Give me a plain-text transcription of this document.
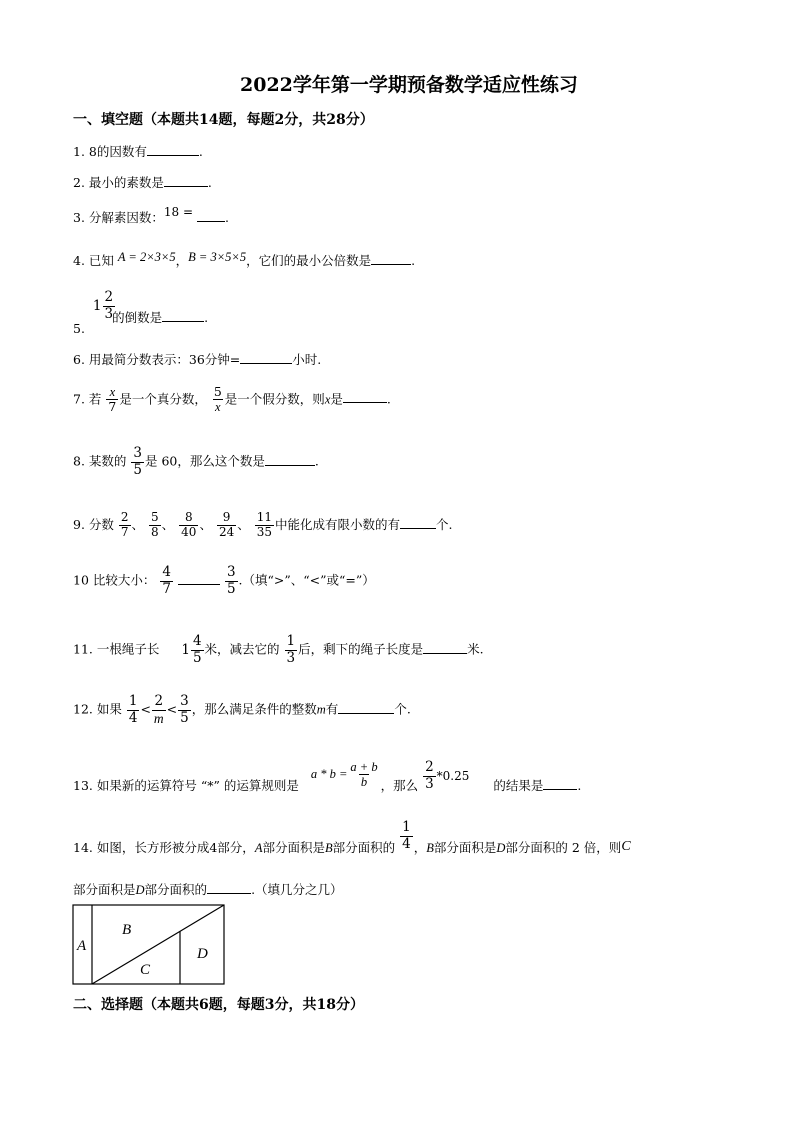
2022学年第一学期预备数学适应性练习
一、填空题（本题共14题，每题2分，共28分）
1. 8的因数有	.
2. 最小的素数是	.
3. 分解素因数：18 =	.
4. 已知 A = 2×3×5，B = 3×5×5，它们的最小公倍数是	.
5.
$1 \frac{2}{3}$
的倒数是	.
6. 用最简分数表示：36分钟=	小时.
7. 若 $\frac{x}{7}$ 是一个真分数， $\frac{5}{x}$ 是一个假分数，则x是	.
8. 某数的 $\frac{3}{5}$ 是 60，那么这个数是	.
9. 分数 $\frac{2}{7}$ 、 $\frac{5}{8}$ 、 $\frac{8}{40}$ 、 $\frac{9}{24}$ 、 $\frac{11}{35}$ 中能化成有限小数的有	个.
10 比较大小： $\frac{4}{7}$
	$\frac{3}{5}$ .（填“>”、“<”或“=”）
11. 一根绳子长 $1 \frac{4}{5}$ 米，减去它的 $\frac{1}{3}$ 后，剩下的绳子长度是	米.
12. 如果 $\frac{1}{4} < \frac{2}{m} < \frac{3}{5}$ ，那么满足条件的整数m有	个.
13. 如果新的运算符号 “*” 的运算规则是
$a * b = \frac{a + b}{b}$ ，那么 $\frac{2}{3} *0.25$
的结果是	.
14. 如图，长方形被分成4部分，A部分面积是B部分面积的 $\frac{1}{4}$ ，B部分面积是D部分面积的 2 倍，则C
部分面积是D部分面积的	.（填几分之几）
A
B
C
D
二、选择题（本题共6题，每题3分，共18分）
